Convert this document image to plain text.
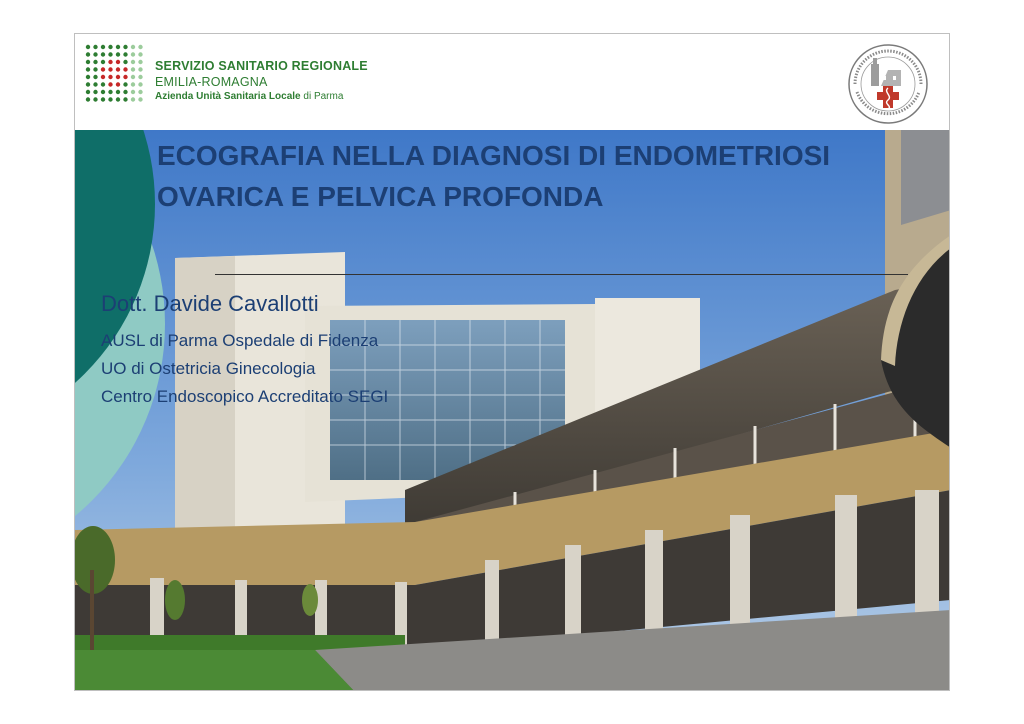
SERVIZIO SANITARIO REGIONALE
EMILIA-ROMAGNA
Azienda Unità Sanitaria Locale di Parma
ECOGRAFIA NELLA DIAGNOSI DI ENDOMETRIOSI OVARICA E PELVICA PROFONDA
Dott. Davide Cavallotti
AUSL di Parma Ospedale di Fidenza
UO di Ostetricia Ginecologia
Centro Endoscopico Accreditato SEGI
